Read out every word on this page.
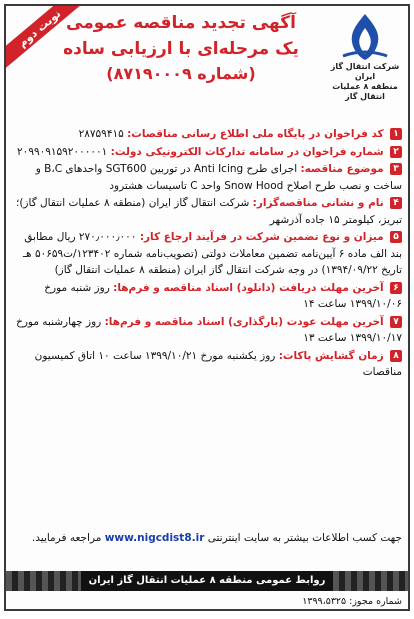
نوبت دوم
شرکت انتقال گاز ایران
منطقه ۸ عملیات انتقال گاز
آگهی تجدید مناقصه عمومی
یک مرحله‌ای با ارزیابی ساده
(شماره ۸۷۱۹۰۰۰۹)
۱ کد فراخوان در پایگاه ملی اطلاع رسانی مناقصات: ۲۸۷۵۹۴۱۵
۲ شماره فراخوان در سامانه تدارکات الکترونیکی دولت: ۲۰۹۹۰۹۱۵۹۲۰۰۰۰۰۱
۳ موضوع مناقصه: اجرای طرح Anti Icing در توربین SGT600 واحدهای B،C و ساخت و نصب طرح اصلاح Snow Hood واحد C تاسیسات هشترود
۴ نام و نشانی مناقصه‌گزار: شرکت انتقال گاز ایران (منطقه ۸ عملیات انتقال گاز)؛ تبریز، کیلومتر ۱۵ جاده آذرشهر
۵ میزان و نوع تضمین شرکت در فرآیند ارجاع کار: ۲۷۰٫۰۰۰٫۰۰۰ ریال مطابق بند الف ماده ۶ آیین‌نامه تضمین معاملات دولتی (تصویب‌نامه شماره ۱۲۳۴۰۲/ت۵۰۶۵۹ هـ تاریخ ۱۳۹۴/۰۹/۲۲) در وجه شرکت انتقال گاز ایران (منطقه ۸ عملیات انتقال گاز)
۶ آخرین مهلت دریافت (دانلود) اسناد مناقصه و فرم‌ها: روز شنبه مورخ ۱۳۹۹/۱۰/۰۶ ساعت ۱۴
۷ آخرین مهلت عودت (بارگذاری) اسناد مناقصه و فرم‌ها: روز چهارشنبه مورخ ۱۳۹۹/۱۰/۱۷ ساعت ۱۳
۸ زمان گشایش پاکات: روز یکشنبه مورخ ۱۳۹۹/۱۰/۲۱ ساعت ۱۰ اتاق کمیسیون مناقصات
جهت کسب اطلاعات بیشتر به سایت اینترنتی www.nigcdist8.ir مراجعه فرمایید.
روابط عمومی منطقه ۸ عملیات انتقال گاز ایران
شماره مجوز: ۱۳۹۹،۵۳۲۵
